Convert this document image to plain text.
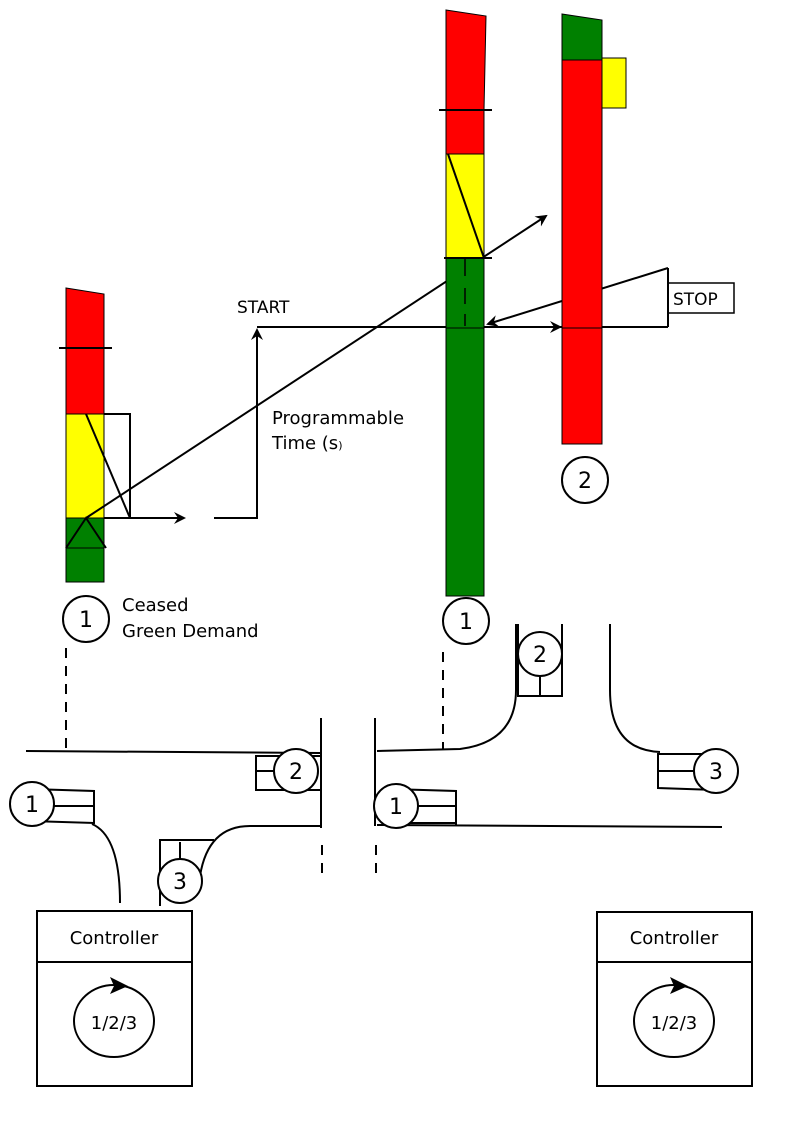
STOP
START
Programmable
Time (s)
Ceased
Green Demand
1	1
2
1
2
3
1
2
3
Controller
1/2/3
Controller
1/2/3
